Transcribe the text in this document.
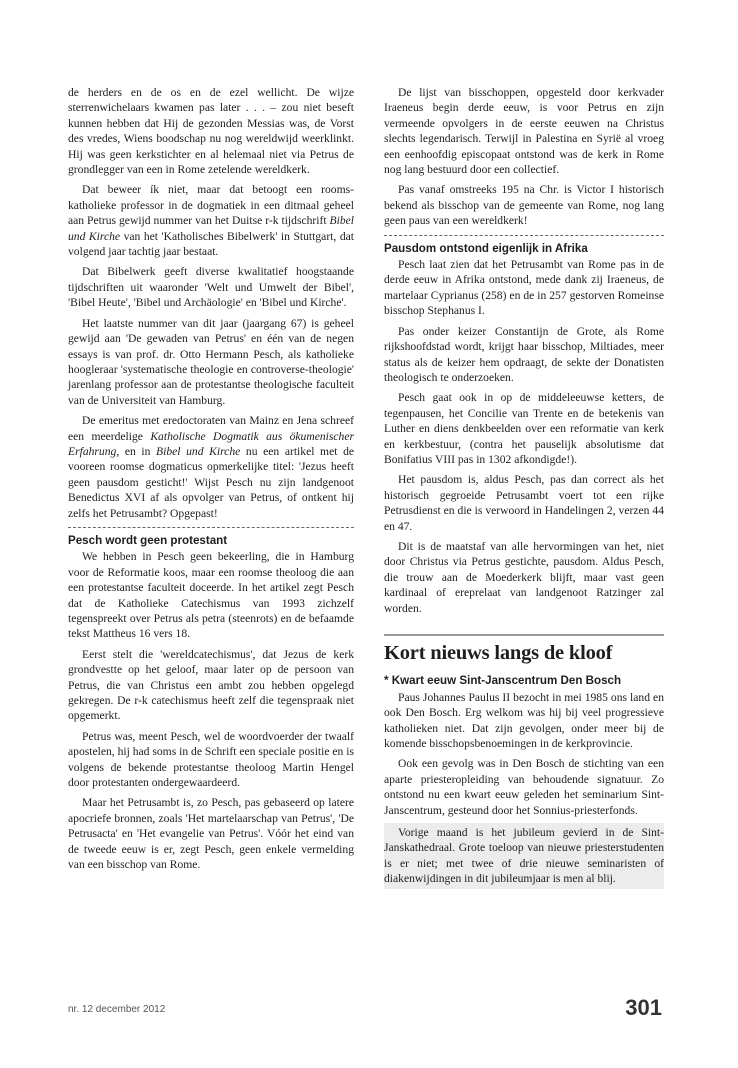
de herders en de os en de ezel wellicht. De wijze sterrenwichelaars kwamen pas later . . . – zou niet beseft kunnen hebben dat Hij de gezonden Messias was, de Vorst des vredes, Wiens boodschap nu nog wereldwijd weerklinkt. Hij was geen kerkstichter en al helemaal niet via Petrus de grondlegger van een in Rome zetelende wereldkerk.

Dat beweer ík niet, maar dat betoogt een rooms-katholieke professor in de dogmatiek in een ditmaal geheel aan Petrus gewijd nummer van het Duitse r-k tijdschrift Bibel und Kirche van het 'Katholisches Bibelwerk' in Stuttgart, dat volgend jaar tachtig jaar bestaat.

Dat Bibelwerk geeft diverse kwalitatief hoogstaande tijdschriften uit waaronder 'Welt und Umwelt der Bibel', 'Bibel Heute', 'Bibel und Archäologie' en 'Bibel und Kirche'.

Het laatste nummer van dit jaar (jaargang 67) is geheel gewijd aan 'De gewaden van Petrus' en één van de negen essays is van prof. dr. Otto Hermann Pesch, als katholieke hoogleraar 'systematische theologie en controverse-theologie' jarenlang professor aan de protestantse theologische faculteit van de Universiteit van Hamburg.

De emeritus met eredoctoraten van Mainz en Jena schreef een meerdelige Katholische Dogmatik aus ökumenischer Erfahrung, en in Bibel und Kirche nu een artikel met de vooreen roomse dogmaticus opmerkelijke titel: 'Jezus heeft geen pausdom gesticht!' Wijst Pesch nu zijn landgenoot Benedictus XVI af als opvolger van Petrus, of ontkent hij zelfs het Petrusambt? Opgepast!

Pesch wordt geen protestant

We hebben in Pesch geen bekeerling, die in Hamburg voor de Reformatie koos, maar een roomse theoloog die aan een protestantse faculteit doceerde. In het artikel zegt Pesch dat de Katholieke Catechismus van 1993 zichzelf tegenspreekt over Petrus als petra (steenrots) en de befaamde tekst Mattheus 16 vers 18.

Eerst stelt die 'wereldcatechismus', dat Jezus de kerk grondvestte op het geloof, maar later op de persoon van Petrus, die van Christus een ambt zou hebben opgelegd gekregen. De r-k catechismus heeft zelf die tegenspraak niet opgemerkt.

Petrus was, meent Pesch, wel de woordvoerder der twaalf apostelen, hij had soms in de Schrift een speciale positie en is volgens de bekende protestantse theoloog Martin Hengel door protestanten ondergewaardeerd.

Maar het Petrusambt is, zo Pesch, pas gebaseerd op latere apocriefe bronnen, zoals 'Het martelaarschap van Petrus', 'De Petrusacta' en 'Het evangelie van Petrus'. Vóór het eind van de tweede eeuw is er, zegt Pesch, geen enkele vermelding van een bisschop van Rome.

De lijst van bisschoppen, opgesteld door kerkvader Iraeneus begin derde eeuw, is voor Petrus en zijn vermeende opvolgers in de eerste eeuwen na Christus slechts legendarisch. Terwijl in Palestina en Syrië al vroeg een eenhoofdig episcopaat ontstond was de kerk in Rome nog lang bestuurd door een collectief.

Pas vanaf omstreeks 195 na Chr. is Victor I historisch bekend als bisschop van de gemeente van Rome, nog lang geen paus van een wereldkerk!

Pausdom ontstond eigenlijk in Afrika

Pesch laat zien dat het Petrusambt van Rome pas in de derde eeuw in Afrika ontstond, mede dank zij Iraeneus, de martelaar Cyprianus (258) en de in 257 gestorven Romeinse bisschop Stephanus I.

Pas onder keizer Constantijn de Grote, als Rome rijkshoofdstad wordt, krijgt haar bisschop, Miltiades, meer status als de keizer hem opdraagt, de sekte der Donatisten theologisch te onderzoeken.

Pesch gaat ook in op de middeleeuwse ketters, de tegenpausen, het Concilie van Trente en de betekenis van Luther en diens denkbeelden over een reformatie van kerk en kerkbestuur, (contra het pauselijk absolutisme dat Bonifatius VIII pas in 1302 afkondigde!).

Het pausdom is, aldus Pesch, pas dan correct als het historisch gegroeide Petrusambt voert tot een rijke Petrusdienst en die is verwoord in Handelingen 2, verzen 44 en 47.

Dit is de maatstaf van alle hervormingen van het, niet door Christus via Petrus gestichte, pausdom. Aldus Pesch, die trouw aan de Moederkerk blijft, maar vast geen kardinaal of ereprelaat van landgenoot Ratzinger zal worden.

Kort nieuws langs de kloof
* Kwart eeuw Sint-Janscentrum Den Bosch

Paus Johannes Paulus II bezocht in mei 1985 ons land en ook Den Bosch. Erg welkom was hij bij veel progressieve katholieken niet. Dat zijn gevolgen, onder meer bij de komende bisschopsbenoemingen in de kerkprovincie.

Ook een gevolg was in Den Bosch de stichting van een aparte priesteropleiding van behoudende signatuur. Zo ontstond nu een kwart eeuw geleden het seminarium Sint-Janscentrum, gesteund door het Sonnius-priesterfonds.

Vorige maand is het jubileum gevierd in de Sint-Janskathedraal. Grote toeloop van nieuwe priesterstudenten is er niet; met twee of drie nieuwe seminaristen of diakenwijdingen in dit jubileumjaar is men al blij.

nr. 12 december 2012	301
